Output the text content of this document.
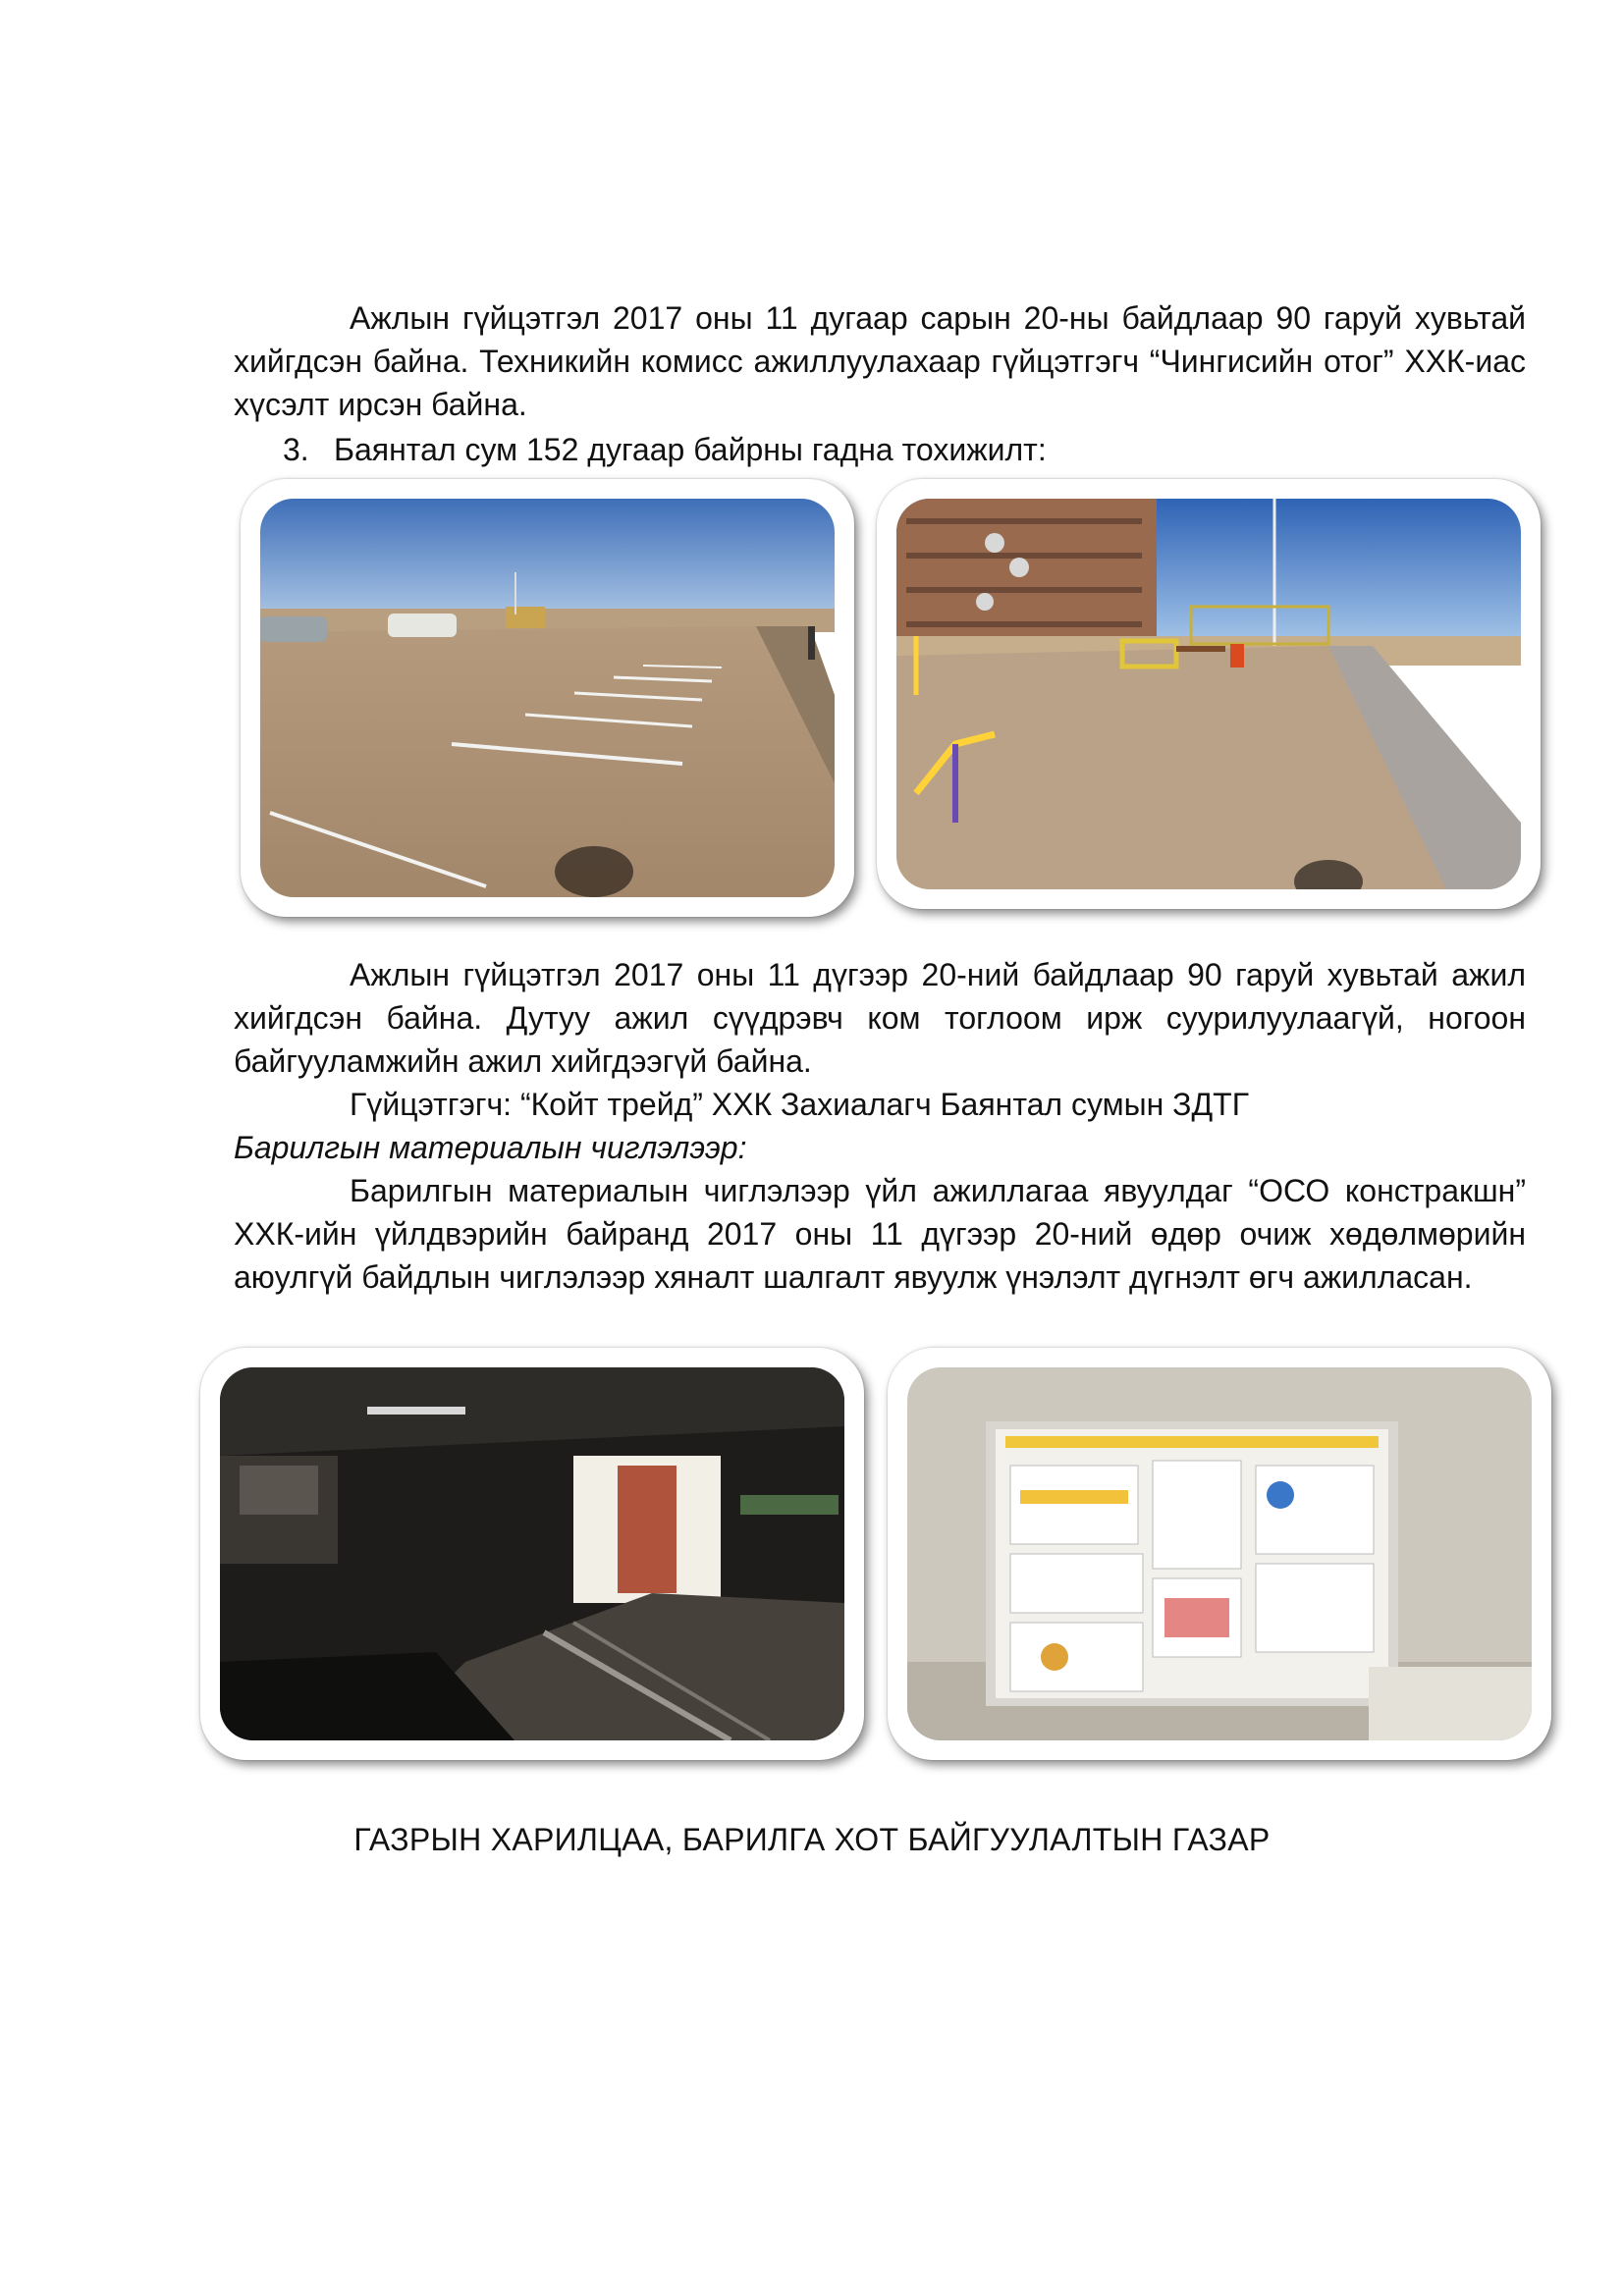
Ажлын гүйцэтгэл 2017 оны 11 дугаар сарын 20-ны байдлаар 90 гаруй хувьтай хийгдсэн байна. Техникийн комисс ажиллуулахаар гүйцэтгэгч “Чингисийн отог” ХХК-иас хүсэлт ирсэн байна.
3. Баянтал сум 152 дугаар байрны гадна тохижилт:
Ажлын гүйцэтгэл 2017 оны 11 дүгээр 20-ний байдлаар 90 гаруй хувьтай ажил хийгдсэн байна. Дутуу ажил сүүдрэвч ком тоглоом ирж суурилуулаагүй, ногоон байгууламжийн ажил хийгдээгүй байна.
Гүйцэтгэгч: “Койт трейд” ХХК Захиалагч Баянтал сумын ЗДТГ
Барилгын материалын чиглэлээр:
Барилгын материалын чиглэлээр үйл ажиллагаа явуулдаг “ОСО констракшн” ХХК-ийн үйлдвэрийн байранд 2017 оны 11 дүгээр 20-ний өдөр очиж хөдөлмөрийн аюулгүй байдлын чиглэлээр хяналт шалгалт явуулж үнэлэлт дүгнэлт өгч ажилласан.
ГАЗРЫН ХАРИЛЦАА, БАРИЛГА ХОТ БАЙГУУЛАЛТЫН ГАЗАР
